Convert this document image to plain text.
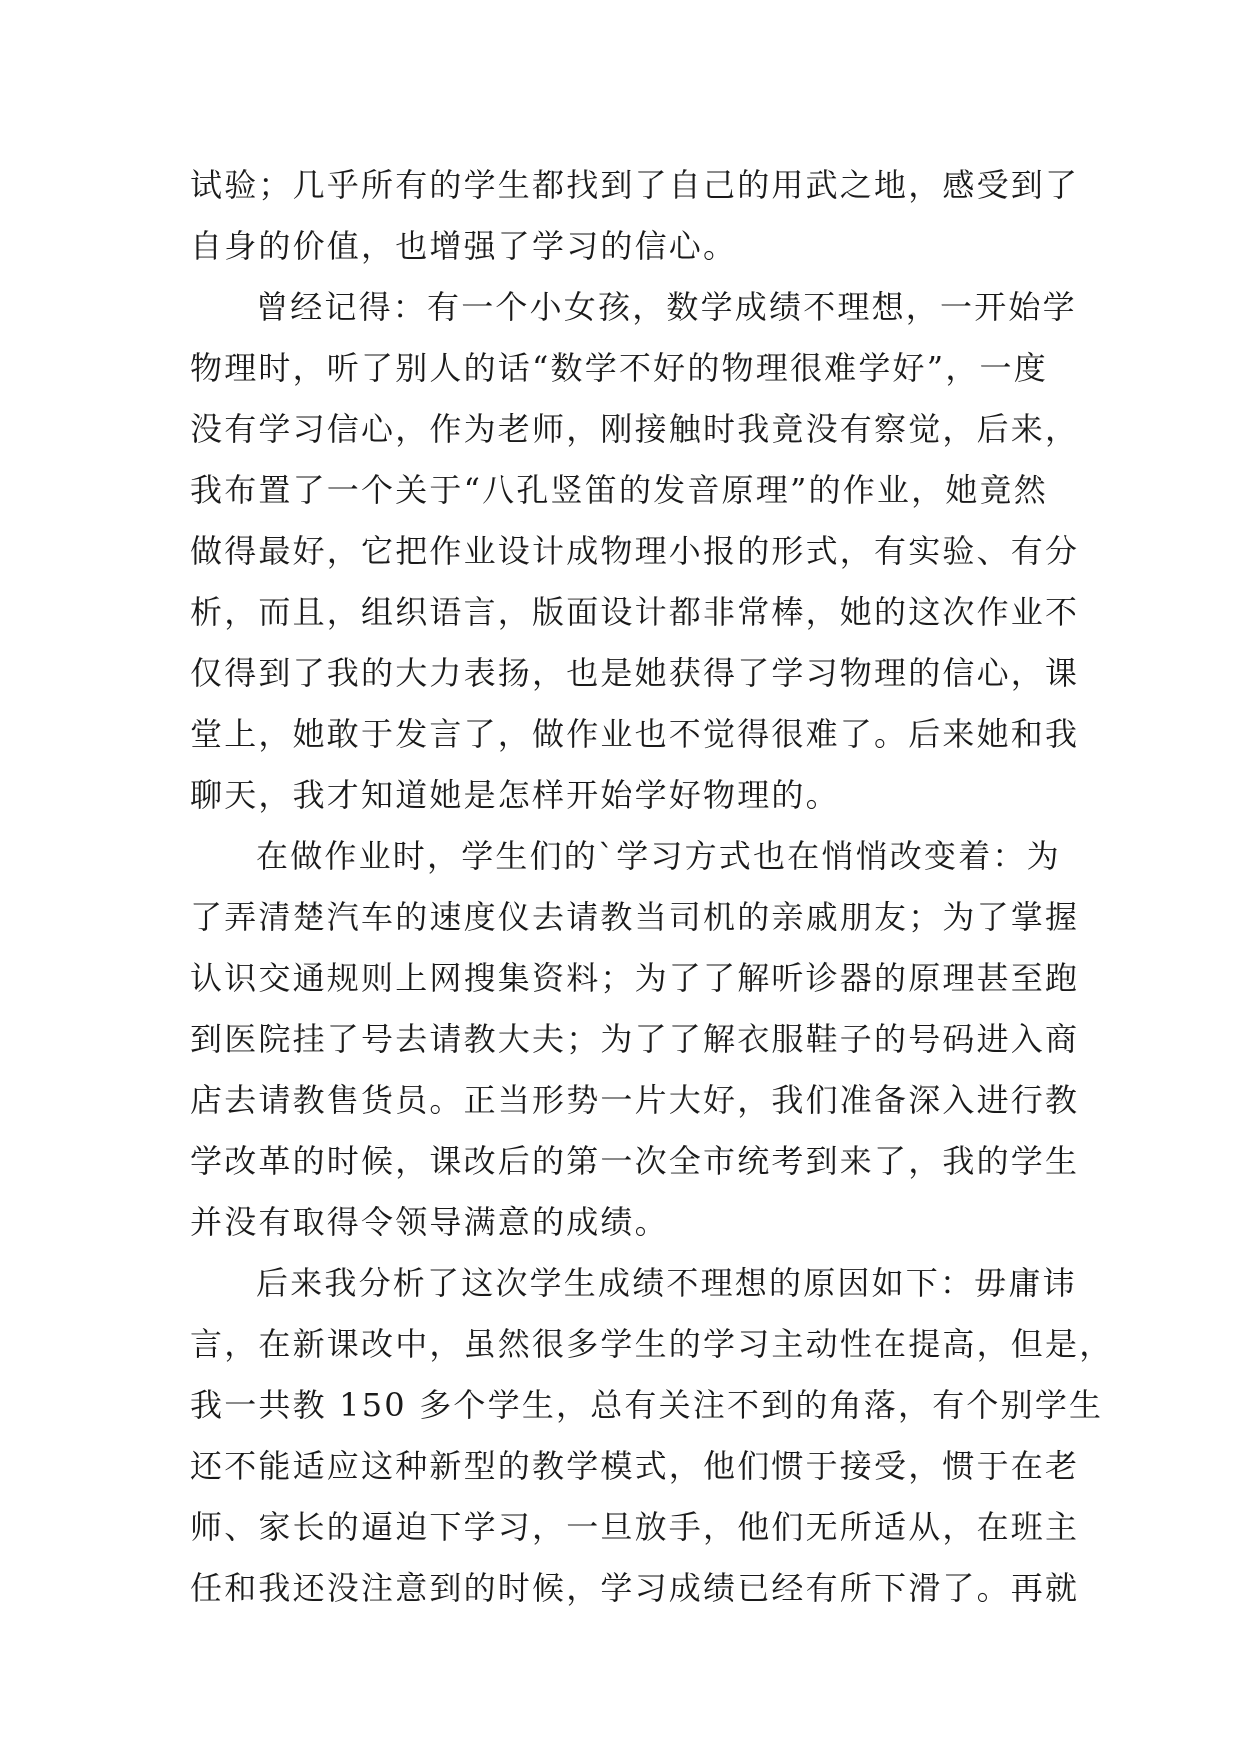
试验；几乎所有的学生都找到了自己的用武之地，感受到了
自身的价值，也增强了学习的信心。
曾经记得：有一个小女孩，数学成绩不理想，一开始学
物理时，听了别人的话“数学不好的物理很难学好”，一度
没有学习信心，作为老师，刚接触时我竟没有察觉，后来，
我布置了一个关于“八孔竖笛的发音原理”的作业，她竟然
做得最好，它把作业设计成物理小报的形式，有实验、有分
析，而且，组织语言，版面设计都非常棒，她的这次作业不
仅得到了我的大力表扬，也是她获得了学习物理的信心，课
堂上，她敢于发言了，做作业也不觉得很难了。后来她和我
聊天，我才知道她是怎样开始学好物理的。
在做作业时，学生们的`学习方式也在悄悄改变着：为
了弄清楚汽车的速度仪去请教当司机的亲戚朋友；为了掌握
认识交通规则上网搜集资料；为了了解听诊器的原理甚至跑
到医院挂了号去请教大夫；为了了解衣服鞋子的号码进入商
店去请教售货员。正当形势一片大好，我们准备深入进行教
学改革的时候，课改后的第一次全市统考到来了，我的学生
并没有取得令领导满意的成绩。
后来我分析了这次学生成绩不理想的原因如下：毋庸讳
言，在新课改中，虽然很多学生的学习主动性在提高，但是，
我一共教 150 多个学生，总有关注不到的角落，有个别学生
还不能适应这种新型的教学模式，他们惯于接受，惯于在老
师、家长的逼迫下学习，一旦放手，他们无所适从，在班主
任和我还没注意到的时候，学习成绩已经有所下滑了。再就
